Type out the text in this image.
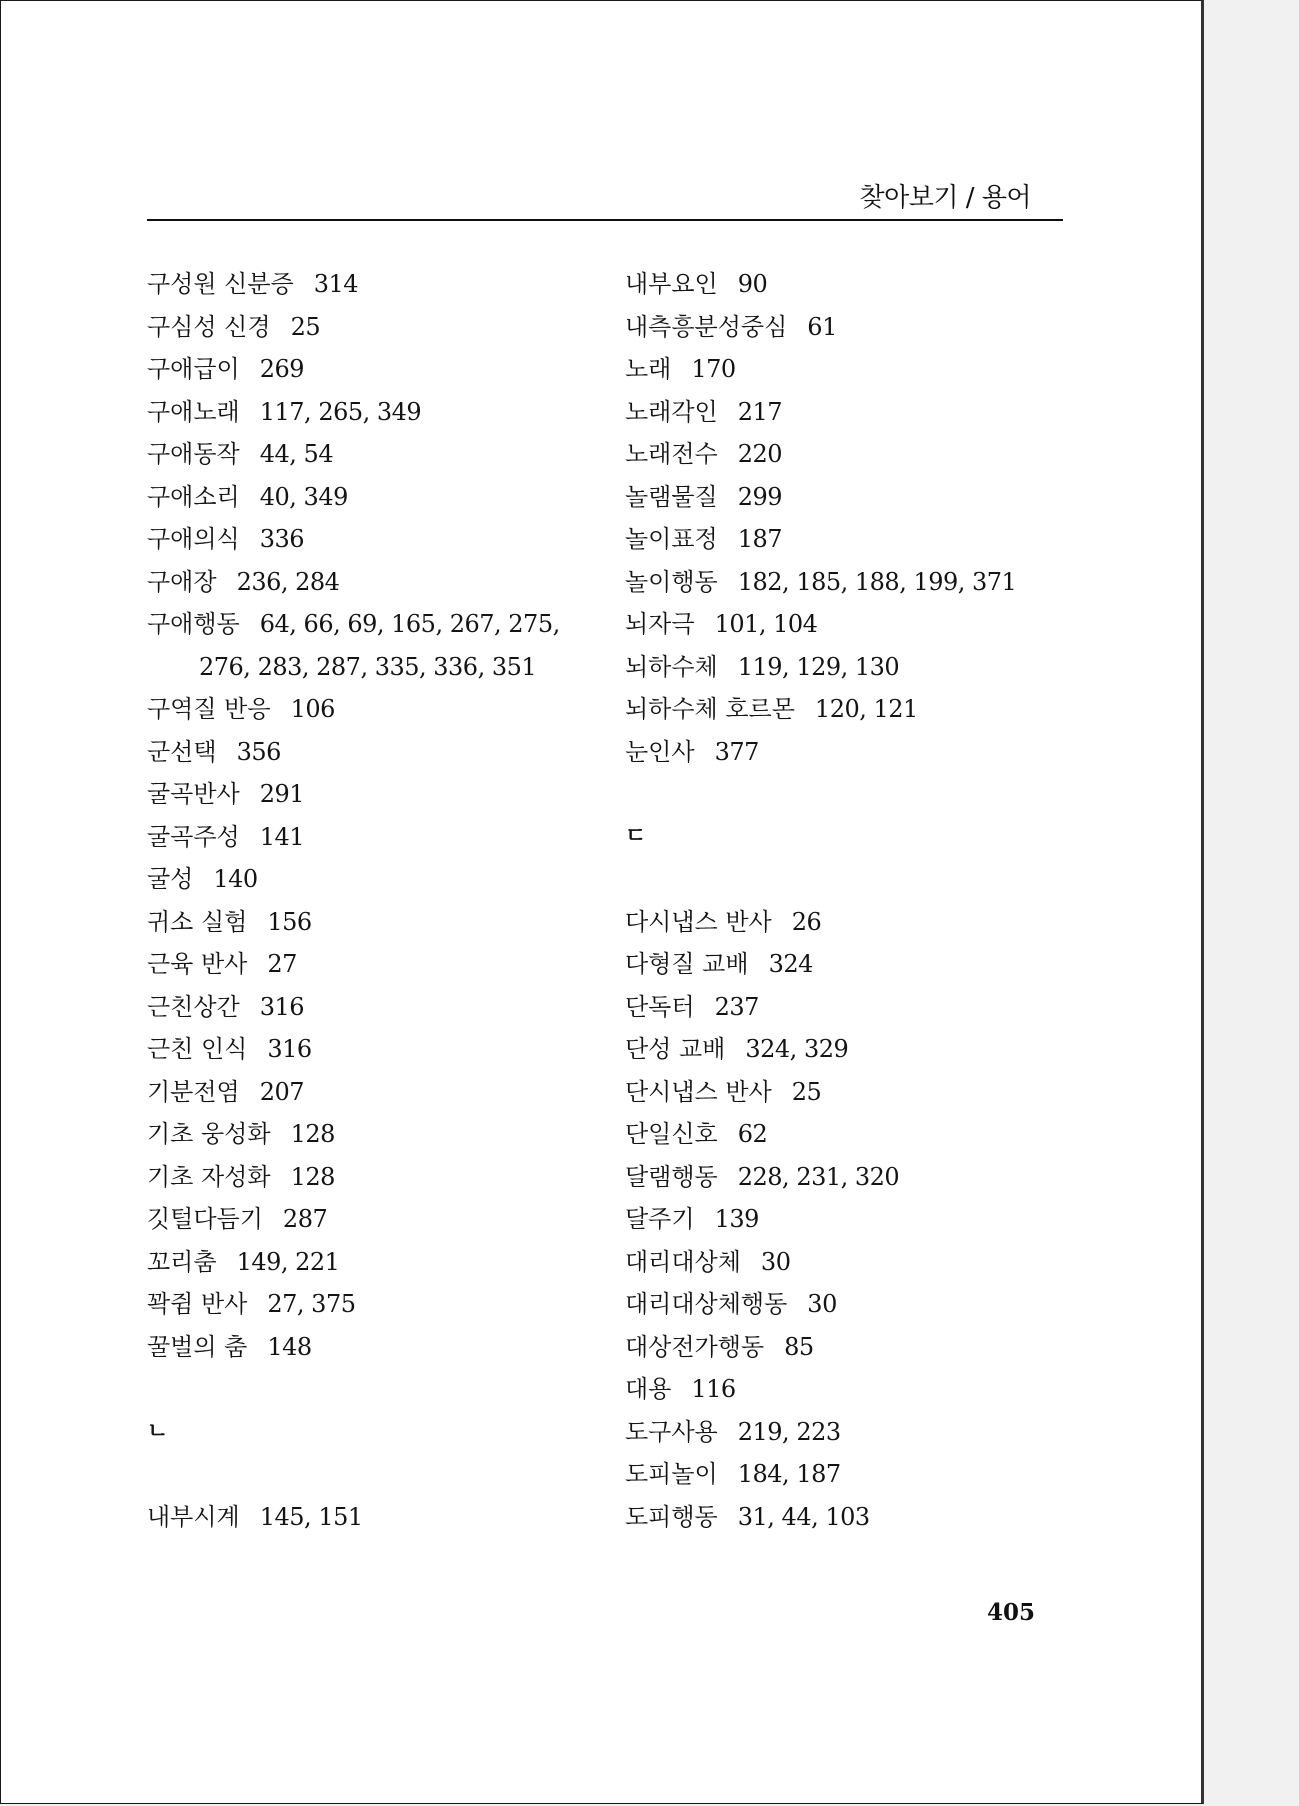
찾아보기 / 용어
구성원 신분증 314
구심성 신경 25
구애급이 269
구애노래 117, 265, 349
구애동작 44, 54
구애소리 40, 349
구애의식 336
구애장 236, 284
구애행동 64, 66, 69, 165, 267, 275,
276, 283, 287, 335, 336, 351
구역질 반응 106
군선택 356
굴곡반사 291
굴곡주성 141
굴성 140
귀소 실험 156
근육 반사 27
근친상간 316
근친 인식 316
기분전염 207
기초 웅성화 128
기초 자성화 128
깃털다듬기 287
꼬리춤 149, 221
꽉쥠 반사 27, 375
꿀벌의 춤 148
ㄴ
내부시계 145, 151
내부요인 90
내측흥분성중심 61
노래 170
노래각인 217
노래전수 220
놀램물질 299
놀이표정 187
놀이행동 182, 185, 188, 199, 371
뇌자극 101, 104
뇌하수체 119, 129, 130
뇌하수체 호르몬 120, 121
눈인사 377
ㄷ
다시냅스 반사 26
다형질 교배 324
단독터 237
단성 교배 324, 329
단시냅스 반사 25
단일신호 62
달램행동 228, 231, 320
달주기 139
대리대상체 30
대리대상체행동 30
대상전가행동 85
대용 116
도구사용 219, 223
도피놀이 184, 187
도피행동 31, 44, 103
405
